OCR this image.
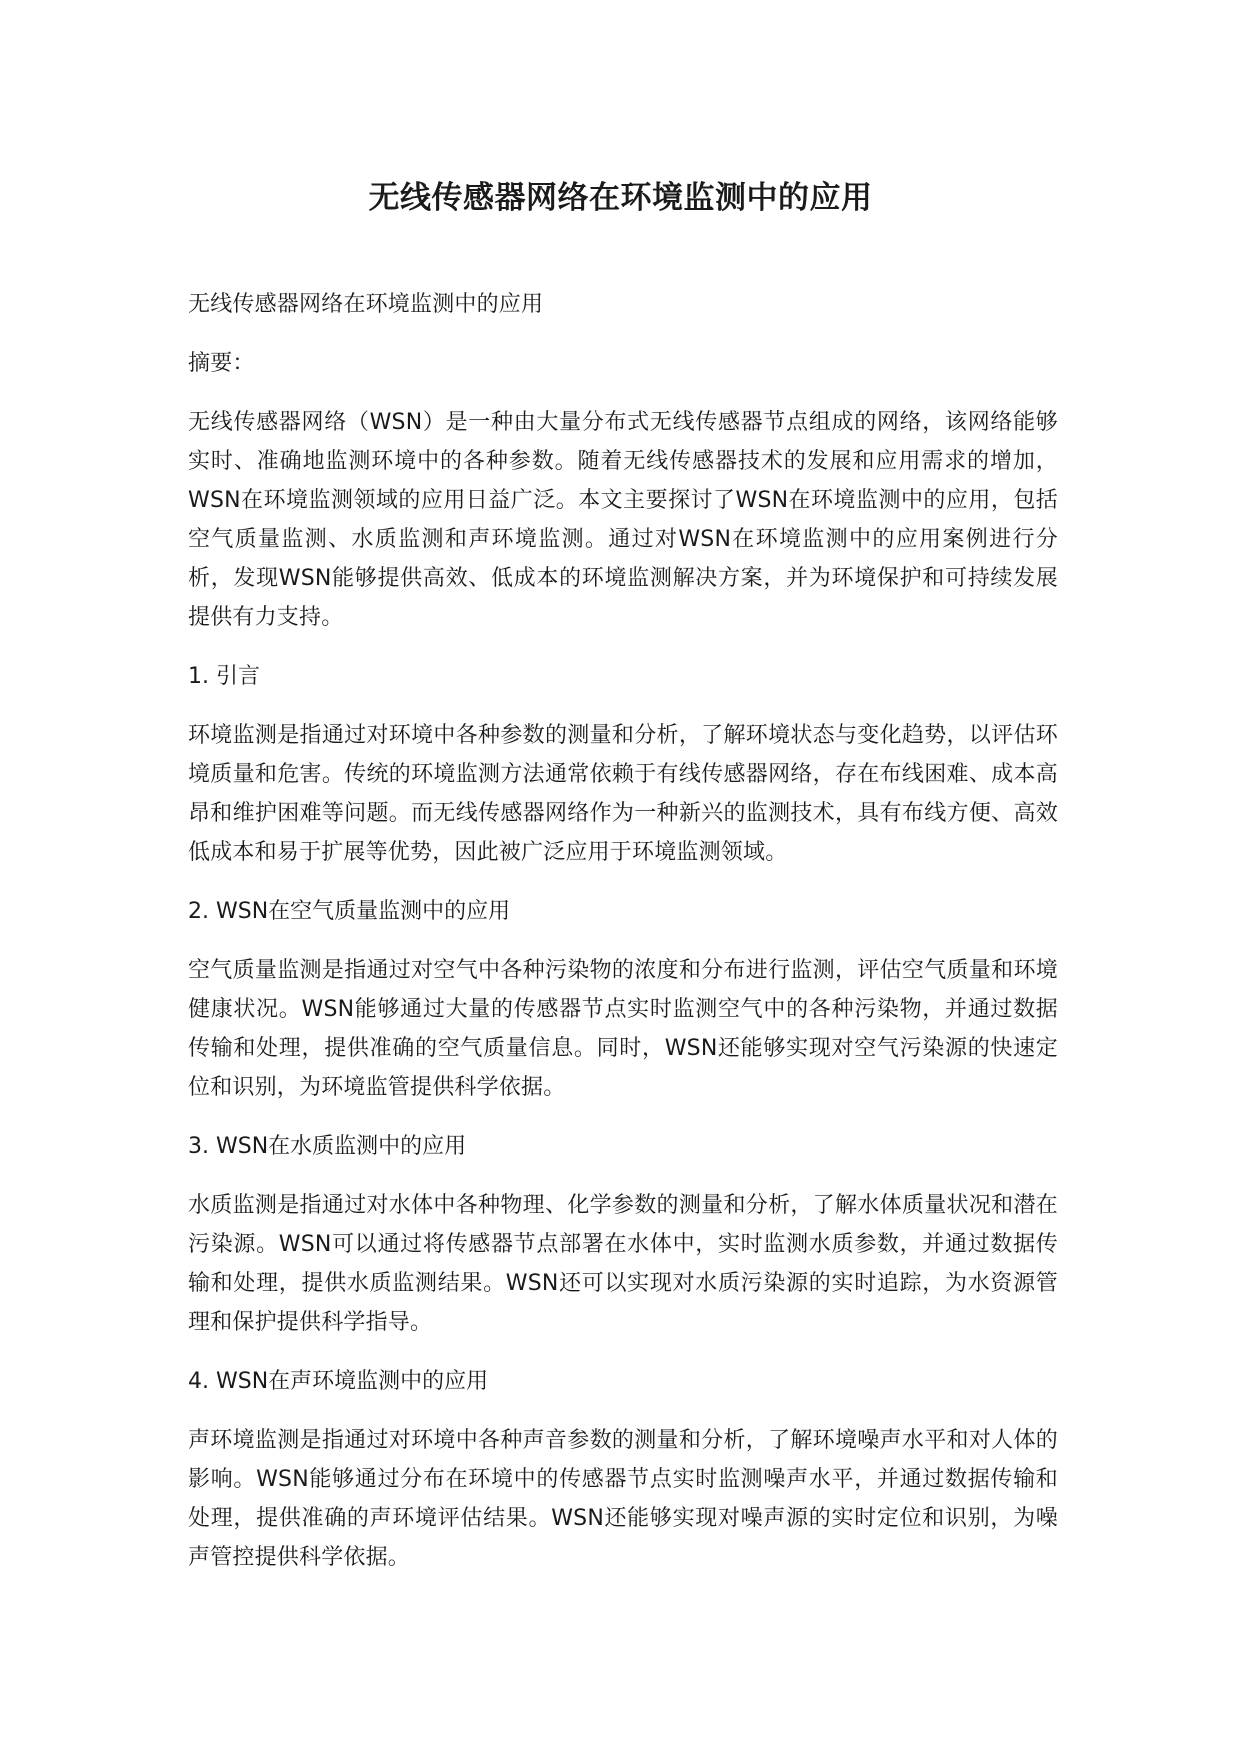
无线传感器网络在环境监测中的应用

无线传感器网络在环境监测中的应用

摘要：

无线传感器网络（WSN）是一种由大量分布式无线传感器节点组成的网络，该网络能够实时、准确地监测环境中的各种参数。随着无线传感器技术的发展和应用需求的增加，WSN在环境监测领域的应用日益广泛。本文主要探讨了WSN在环境监测中的应用，包括空气质量监测、水质监测和声环境监测。通过对WSN在环境监测中的应用案例进行分析，发现WSN能够提供高效、低成本的环境监测解决方案，并为环境保护和可持续发展提供有力支持。

1. 引言

环境监测是指通过对环境中各种参数的测量和分析，了解环境状态与变化趋势，以评估环境质量和危害。传统的环境监测方法通常依赖于有线传感器网络，存在布线困难、成本高昂和维护困难等问题。而无线传感器网络作为一种新兴的监测技术，具有布线方便、高效低成本和易于扩展等优势，因此被广泛应用于环境监测领域。

2. WSN在空气质量监测中的应用

空气质量监测是指通过对空气中各种污染物的浓度和分布进行监测，评估空气质量和环境健康状况。WSN能够通过大量的传感器节点实时监测空气中的各种污染物，并通过数据传输和处理，提供准确的空气质量信息。同时，WSN还能够实现对空气污染源的快速定位和识别，为环境监管提供科学依据。

3. WSN在水质监测中的应用

水质监测是指通过对水体中各种物理、化学参数的测量和分析，了解水体质量状况和潜在污染源。WSN可以通过将传感器节点部署在水体中，实时监测水质参数，并通过数据传输和处理，提供水质监测结果。WSN还可以实现对水质污染源的实时追踪，为水资源管理和保护提供科学指导。

4. WSN在声环境监测中的应用

声环境监测是指通过对环境中各种声音参数的测量和分析，了解环境噪声水平和对人体的影响。WSN能够通过分布在环境中的传感器节点实时监测噪声水平，并通过数据传输和处理，提供准确的声环境评估结果。WSN还能够实现对噪声源的实时定位和识别，为噪声管控提供科学依据。
